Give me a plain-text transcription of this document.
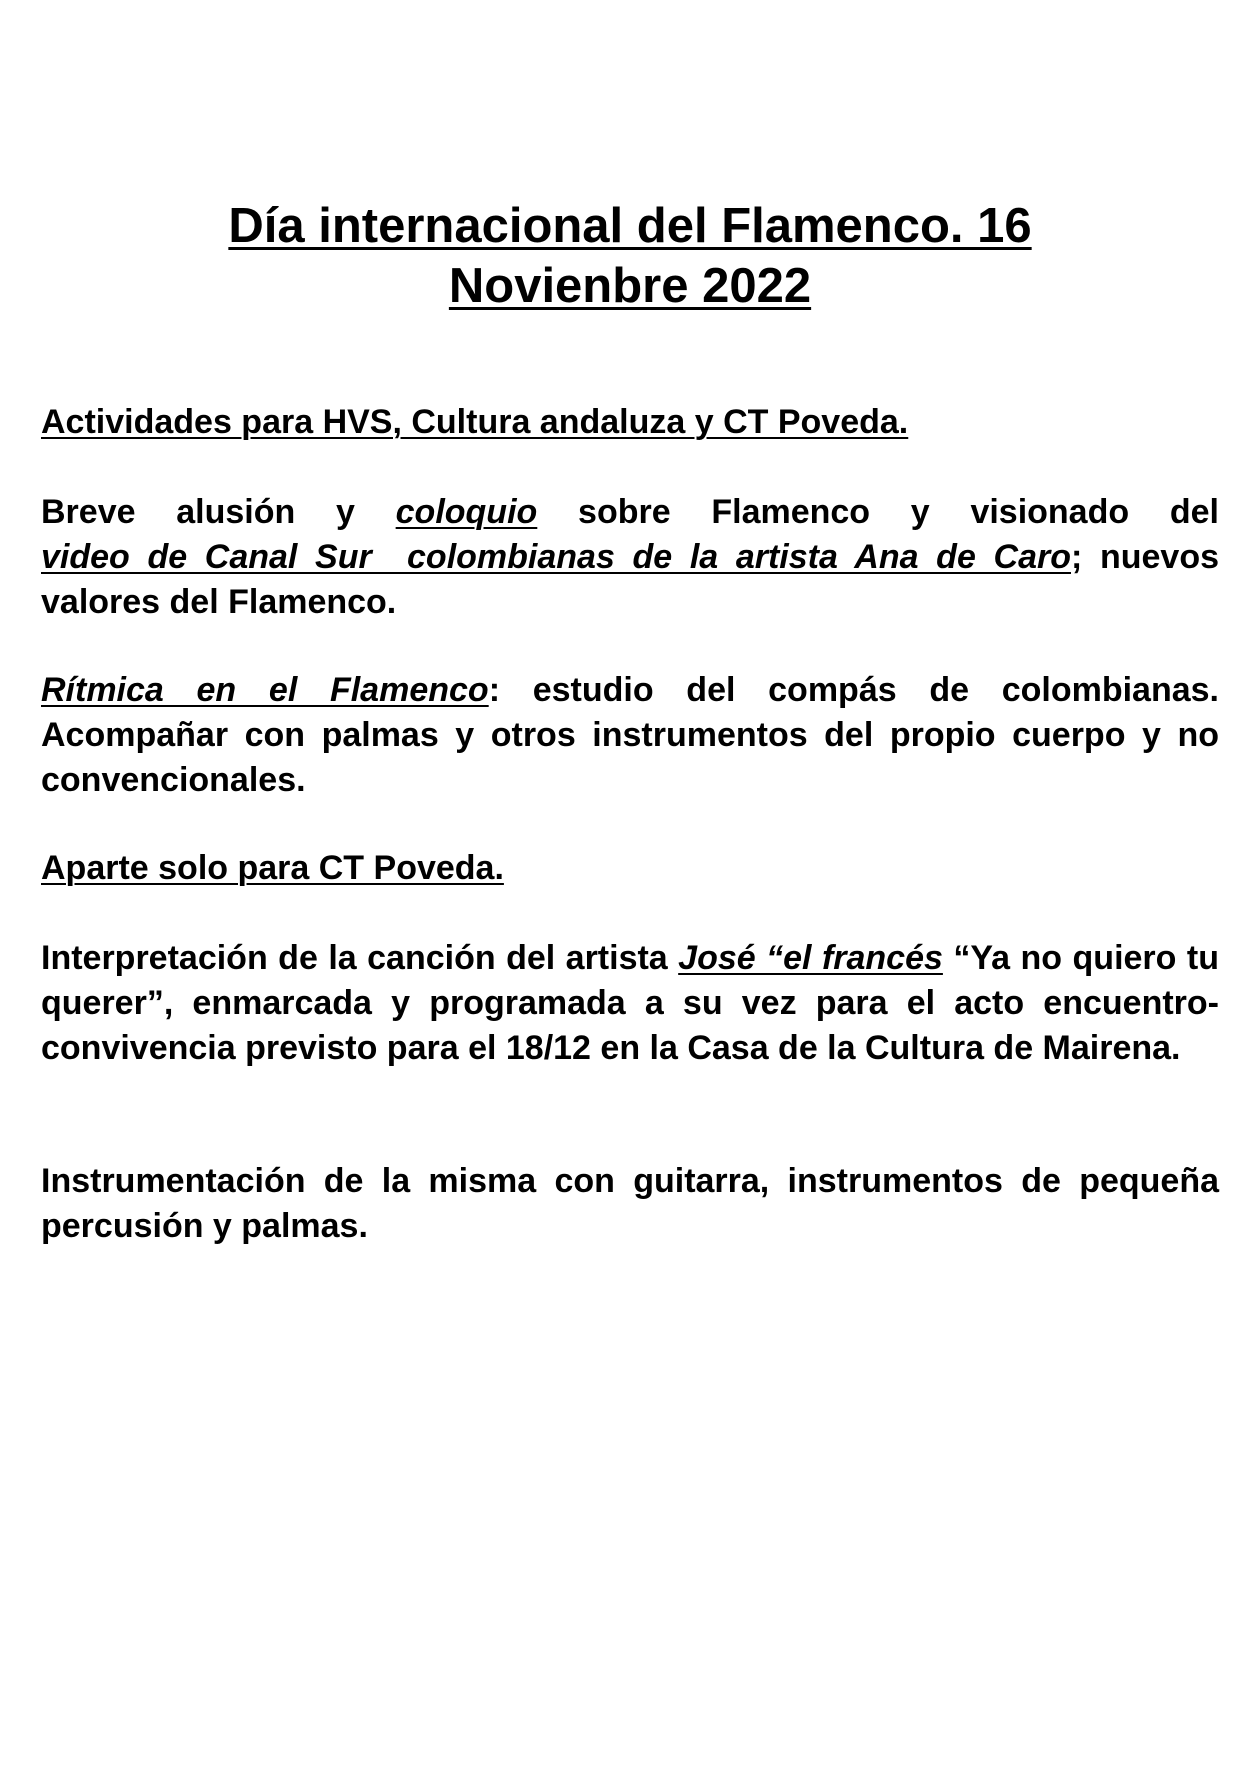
Día internacional del Flamenco. 16
Novienbre 2022

Actividades para HVS, Cultura andaluza y CT Poveda.

Breve alusión y coloquio sobre Flamenco y visionado del video de Canal Sur  colombianas de la artista Ana de Caro; nuevos valores del Flamenco.

Rítmica en el Flamenco: estudio del compás de colombianas. Acompañar con palmas y otros instrumentos del propio cuerpo y no convencionales.

Aparte solo para CT Poveda.

Interpretación de la canción del artista José “el francés “Ya no quiero tu querer”, enmarcada y programada a su vez para el acto encuentro-convivencia previsto para el 18/12 en la Casa de la Cultura de Mairena.

Instrumentación de la misma con guitarra, instrumentos de pequeña percusión y palmas.
